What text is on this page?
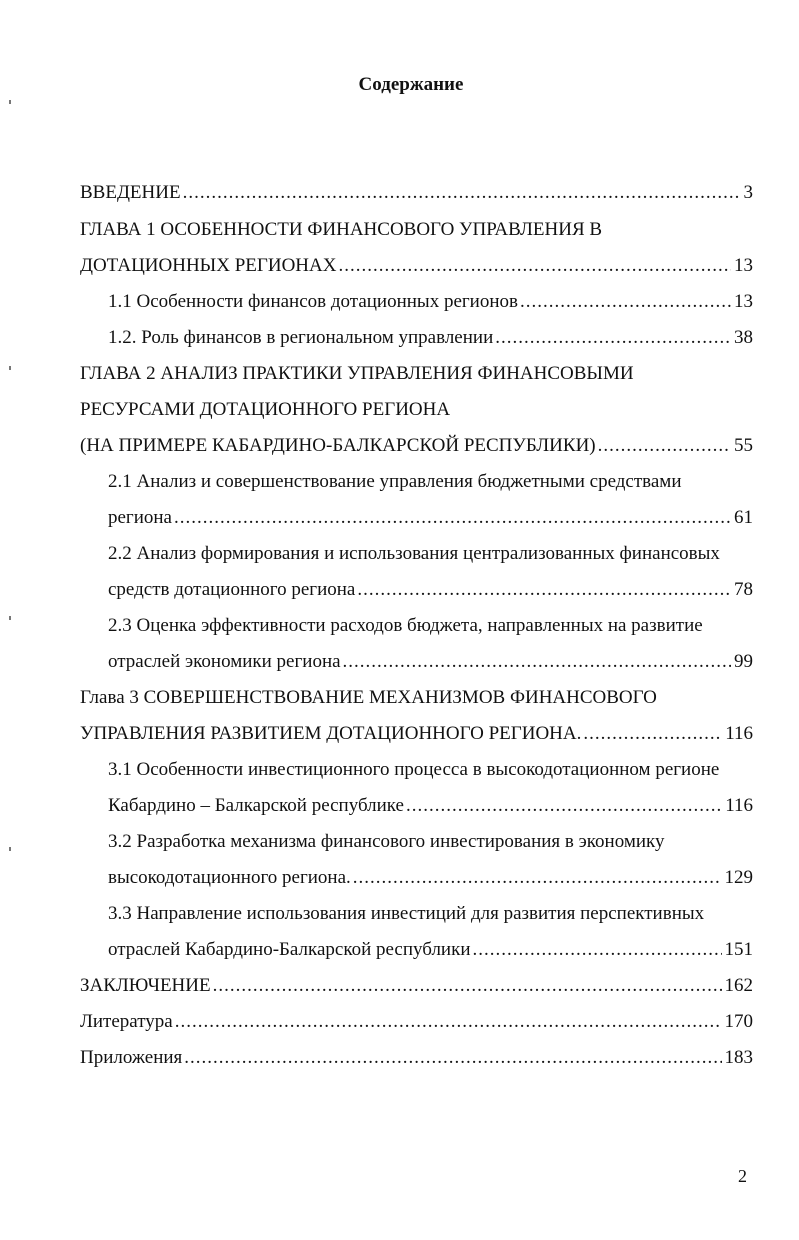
Содержание
ВВЕДЕНИЕ .....	3
ГЛАВА 1 ОСОБЕННОСТИ ФИНАНСОВОГО УПРАВЛЕНИЯ В
ДОТАЦИОННЫХ РЕГИОНАХ .....	13
1.1 Особенности финансов дотационных регионов .....	13
1.2. Роль финансов в региональном управлении .....	38
ГЛАВА 2 АНАЛИЗ ПРАКТИКИ УПРАВЛЕНИЯ ФИНАНСОВЫМИ
РЕСУРСАМИ ДОТАЦИОННОГО РЕГИОНА
(НА ПРИМЕРЕ КАБАРДИНО-БАЛКАРСКОЙ РЕСПУБЛИКИ) .....	55
2.1 Анализ и совершенствование управления бюджетными средствами
региона .....	61
2.2 Анализ формирования и использования централизованных финансовых
средств дотационного региона .....	78
2.3 Оценка эффективности расходов бюджета, направленных на развитие
отраслей экономики региона .....	99
Глава 3 СОВЕРШЕНСТВОВАНИЕ МЕХАНИЗМОВ ФИНАНСОВОГО
УПРАВЛЕНИЯ РАЗВИТИЕМ ДОТАЦИОННОГО РЕГИОНА. .....	116
3.1 Особенности инвестиционного процесса в высокодотационном регионе
Кабардино – Балкарской республике .....	116
3.2 Разработка механизма финансового инвестирования в экономику
высокодотационного региона. .....	129
3.3 Направление использования инвестиций для развития перспективных
отраслей Кабардино-Балкарской республики .....	151
ЗАКЛЮЧЕНИЕ .....	162
Литература .....	170
Приложения .....	183
2
